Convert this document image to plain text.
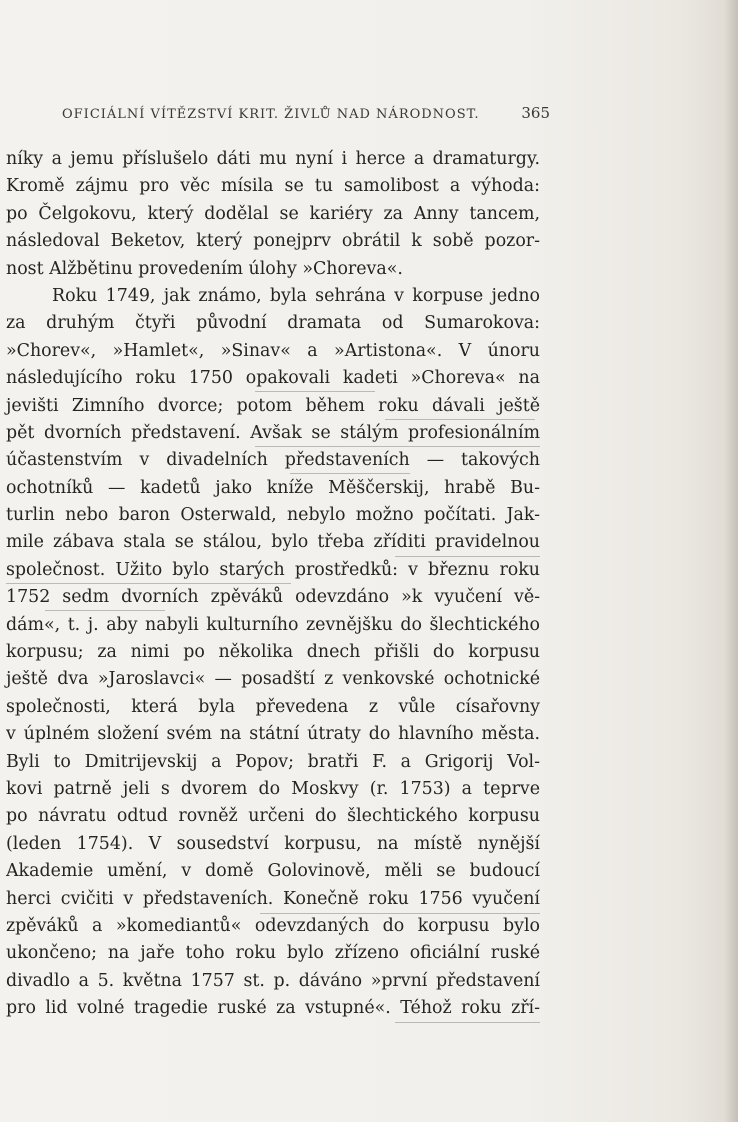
OFICIÁLNÍ VÍTĚZSTVÍ KRIT. ŽIVLŮ NAD NÁRODNOST.	365
níky a jemu příslušelo dáti mu nyní i herce a dramaturgy.
Kromě zájmu pro věc mísila se tu samolibost a výhoda:
po Čelgokovu, který dodělal se kariéry za Anny tancem,
následoval Beketov, který ponejprv obrátil k sobě pozor-
nost Alžbětinu provedením úlohy »Choreva«.
Roku 1749, jak známo, byla sehrána v korpuse jedno
za druhým čtyři původní dramata od Sumarokova:
»Chorev«, »Hamlet«, »Sinav« a »Artistona«. V únoru
následujícího roku 1750 opakovali kadeti »Choreva« na
jevišti Zimního dvorce; potom během roku dávali ještě
pět dvorních představení. Avšak se stálým profesionálním
účastenstvím v divadelních představeních — takových
ochotníků — kadetů jako kníže Měščerskij, hrabě Bu-
turlin nebo baron Osterwald, nebylo možno počítati. Jak-
mile zábava stala se stálou, bylo třeba zříditi pravidelnou
společnost. Užito bylo starých prostředků: v březnu roku
1752 sedm dvorních zpěváků odevzdáno »k vyučení vě-
dám«, t. j. aby nabyli kulturního zevnějšku do šlechtického
korpusu; za nimi po několika dnech přišli do korpusu
ještě dva »Jaroslavci« — posadští z venkovské ochotnické
společnosti, která byla převedena z vůle císařovny
v úplném složení svém na státní útraty do hlavního města.
Byli to Dmitrijevskij a Popov; bratři F. a Grigorij Vol-
kovi patrně jeli s dvorem do Moskvy (r. 1753) a teprve
po návratu odtud rovněž určeni do šlechtického korpusu
(leden 1754). V sousedství korpusu, na místě nynější
Akademie umění, v domě Golovinově, měli se budoucí
herci cvičiti v představeních. Konečně roku 1756 vyučení
zpěváků a »komediantů« odevzdaných do korpusu bylo
ukončeno; na jaře toho roku bylo zřízeno oficiální ruské
divadlo a 5. května 1757 st. p. dáváno »první představení
pro lid volné tragedie ruské za vstupné«. Téhož roku zří-
